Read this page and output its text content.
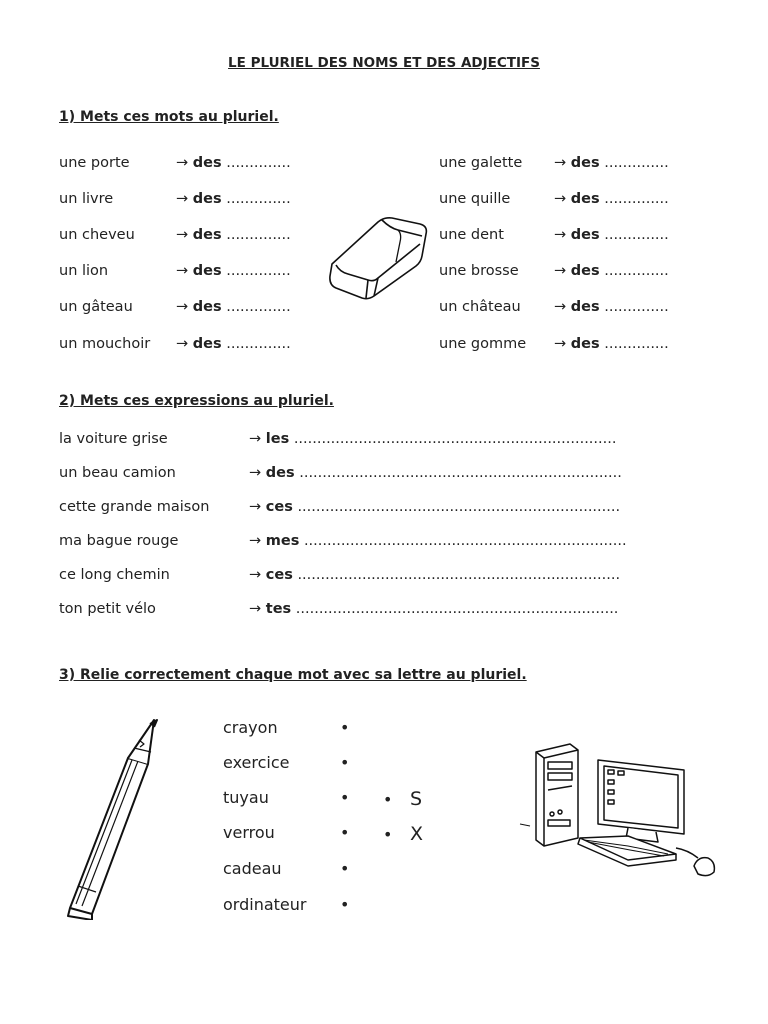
LE PLURIEL DES NOMS ET DES ADJECTIFS
1) Mets ces mots au pluriel.
une porte	→ des ..............
un livre	→ des ..............
un cheveu	→ des ..............
un lion	→ des ..............
un gâteau	→ des ..............
un mouchoir → des ..............
une galette → des ..............
une quille	→ des ..............
une dent	→ des ..............
une brosse → des ..............
un château → des ..............
une gomme → des ..............
2) Mets ces expressions au pluriel.
la voiture grise	→ les ......................................................................
un beau camion	→ des ......................................................................
cette grande maison	→ ces ......................................................................
ma bague rouge	→ mes ......................................................................
ce long chemin	→ ces ......................................................................
ton petit vélo	→ tes ......................................................................
3) Relie correctement chaque mot avec sa lettre au pluriel.
crayon	•
exercice	•
tuyau	•
verrou	•
cadeau	•
ordinateur •
• S
• X
